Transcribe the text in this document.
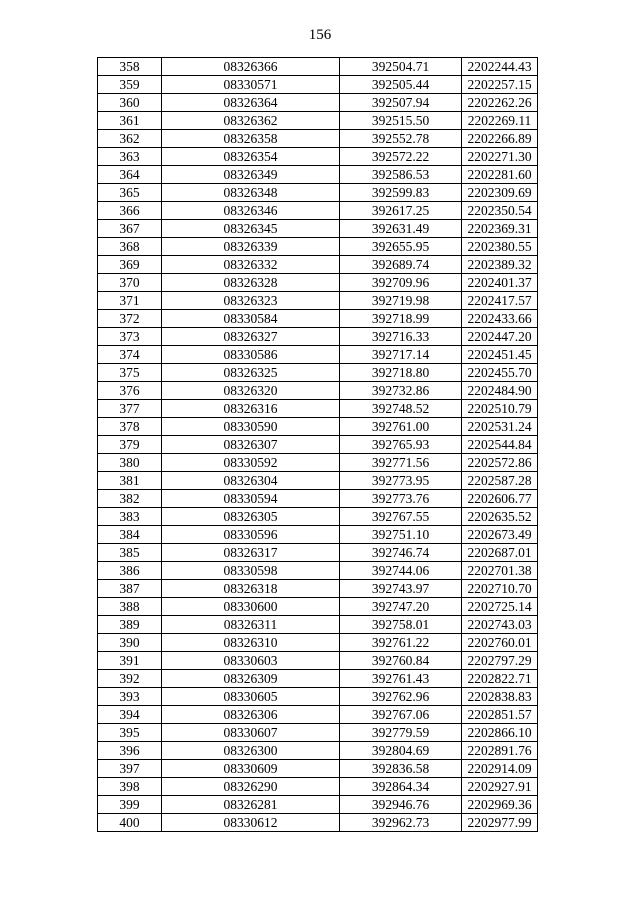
156
358	08326366	392504.71	2202244.43
359	08330571	392505.44	2202257.15
360	08326364	392507.94	2202262.26
361	08326362	392515.50	2202269.11
362	08326358	392552.78	2202266.89
363	08326354	392572.22	2202271.30
364	08326349	392586.53	2202281.60
365	08326348	392599.83	2202309.69
366	08326346	392617.25	2202350.54
367	08326345	392631.49	2202369.31
368	08326339	392655.95	2202380.55
369	08326332	392689.74	2202389.32
370	08326328	392709.96	2202401.37
371	08326323	392719.98	2202417.57
372	08330584	392718.99	2202433.66
373	08326327	392716.33	2202447.20
374	08330586	392717.14	2202451.45
375	08326325	392718.80	2202455.70
376	08326320	392732.86	2202484.90
377	08326316	392748.52	2202510.79
378	08330590	392761.00	2202531.24
379	08326307	392765.93	2202544.84
380	08330592	392771.56	2202572.86
381	08326304	392773.95	2202587.28
382	08330594	392773.76	2202606.77
383	08326305	392767.55	2202635.52
384	08330596	392751.10	2202673.49
385	08326317	392746.74	2202687.01
386	08330598	392744.06	2202701.38
387	08326318	392743.97	2202710.70
388	08330600	392747.20	2202725.14
389	08326311	392758.01	2202743.03
390	08326310	392761.22	2202760.01
391	08330603	392760.84	2202797.29
392	08326309	392761.43	2202822.71
393	08330605	392762.96	2202838.83
394	08326306	392767.06	2202851.57
395	08330607	392779.59	2202866.10
396	08326300	392804.69	2202891.76
397	08330609	392836.58	2202914.09
398	08326290	392864.34	2202927.91
399	08326281	392946.76	2202969.36
400	08330612	392962.73	2202977.99
